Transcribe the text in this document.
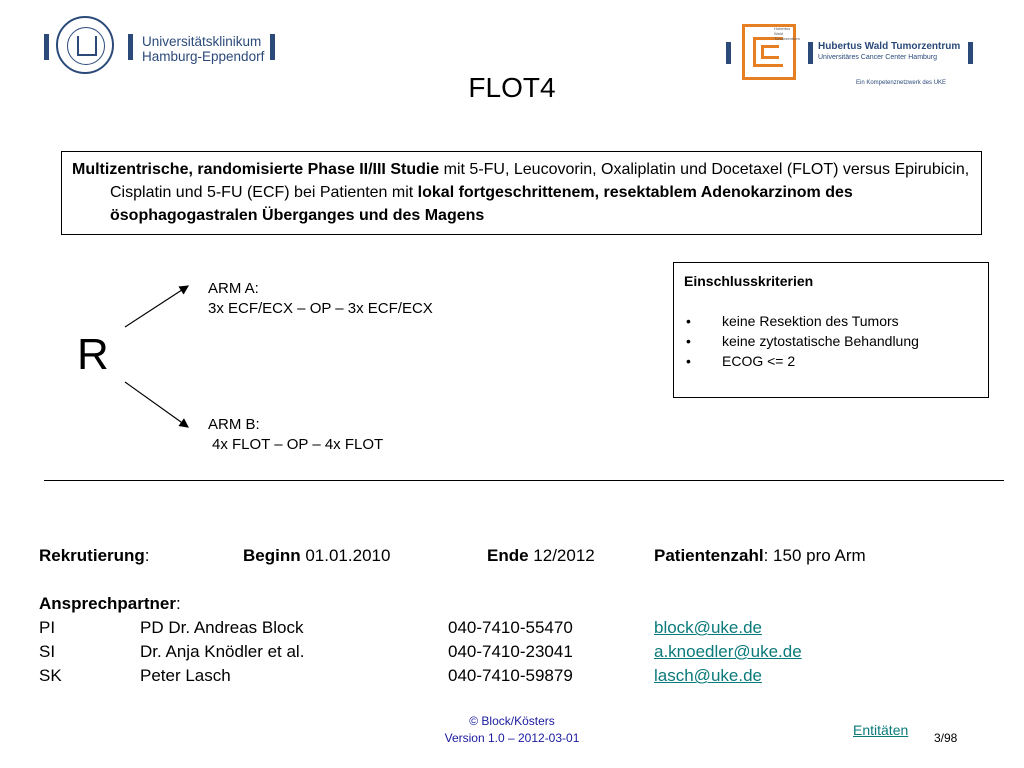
Universitätsklinikum
Hamburg-Eppendorf
Hubertus Wald Tumorzentrum
Hubertus Wald Tumorzentrum
Universitäres Cancer Center Hamburg
Ein Kompetenznetzwerk des UKE
FLOT4

Multizentrische, randomisierte Phase II/III Studie mit 5-FU, Leucovorin, Oxaliplatin und Docetaxel (FLOT) versus Epirubicin, Cisplatin und 5-FU (ECF) bei Patienten mit lokal fortgeschrittenem, resektablem Adenokarzinom des ösophagogastralen Überganges und des Magens

R
ARM A:
3x ECF/ECX – OP – 3x ECF/ECX
ARM B:
4x FLOT – OP – 4x FLOT
Einschlusskriterien
• keine Resektion des Tumors
• keine zytostatische Behandlung
• ECOG <= 2
Rekrutierung:	Beginn 01.01.2010	Ende 12/2012	Patientenzahl: 150 pro Arm
Ansprechpartner:
PI	PD Dr. Andreas Block	040-7410-55470	block@uke.de
SI	Dr. Anja Knödler et al.	040-7410-23041	a.knoedler@uke.de
SK	Peter Lasch	040-7410-59879	lasch@uke.de
© Block/Kösters
Version 1.0 – 2012-03-01	Entitäten 3/98
